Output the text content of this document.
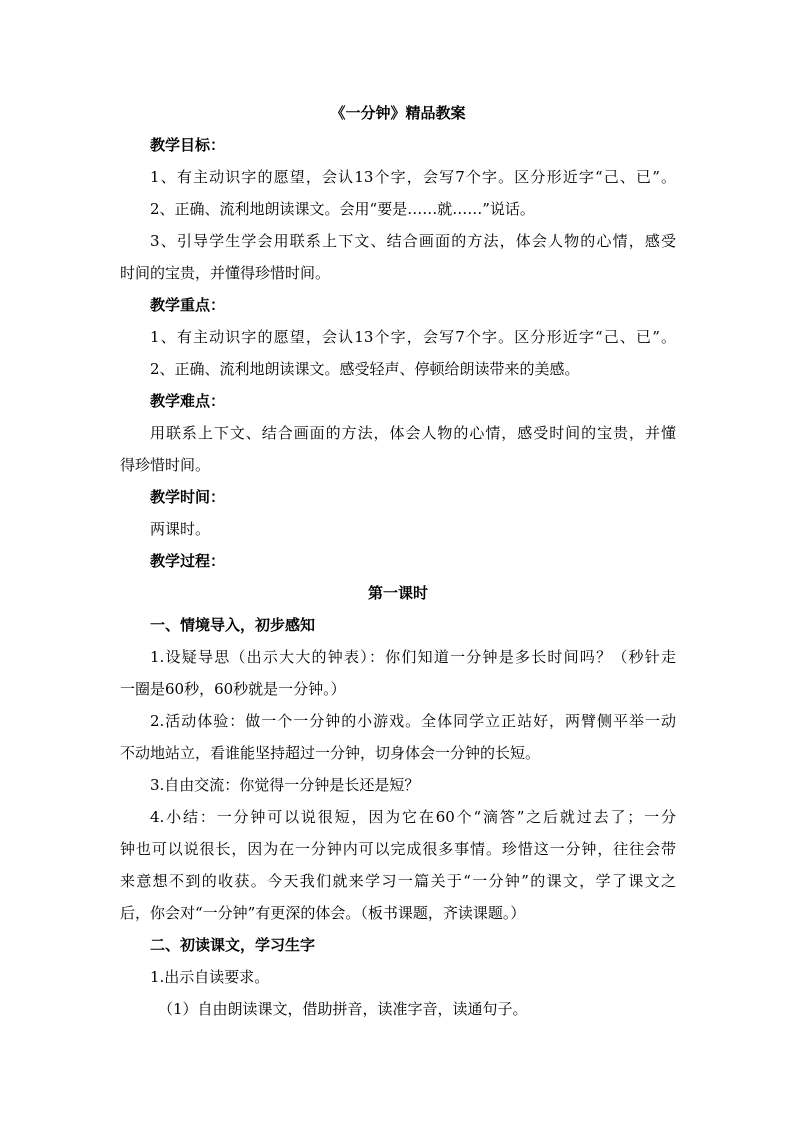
《一分钟》精品教案
教学目标：
1、有主动识字的愿望，会认13个字，会写7个字。区分形近字“己、已”。
2、正确、流利地朗读课文。会用“要是……就……”说话。
3、引导学生学会用联系上下文、结合画面的方法，体会人物的心情，感受
时间的宝贵，并懂得珍惜时间。
教学重点：
1、有主动识字的愿望，会认13个字，会写7个字。区分形近字“己、已”。
2、正确、流利地朗读课文。感受轻声、停顿给朗读带来的美感。
教学难点：
用联系上下文、结合画面的方法，体会人物的心情，感受时间的宝贵，并懂
得珍惜时间。
教学时间：
两课时。
教学过程：
第一课时
一、情境导入，初步感知
1.设疑导思（出示大大的钟表）：你们知道一分钟是多长时间吗？（秒针走
一圈是60秒，60秒就是一分钟。）
2.活动体验：做一个一分钟的小游戏。全体同学立正站好，两臂侧平举一动
不动地站立，看谁能坚持超过一分钟，切身体会一分钟的长短。
3.自由交流：你觉得一分钟是长还是短？
4.小结：一分钟可以说很短，因为它在60个“滴答”之后就过去了；一分
钟也可以说很长，因为在一分钟内可以完成很多事情。珍惜这一分钟，往往会带
来意想不到的收获。今天我们就来学习一篇关于“一分钟”的课文，学了课文之
后，你会对“一分钟”有更深的体会。（板书课题，齐读课题。）
二、初读课文，学习生字
1.出示自读要求。
（1）自由朗读课文，借助拼音，读准字音，读通句子。
